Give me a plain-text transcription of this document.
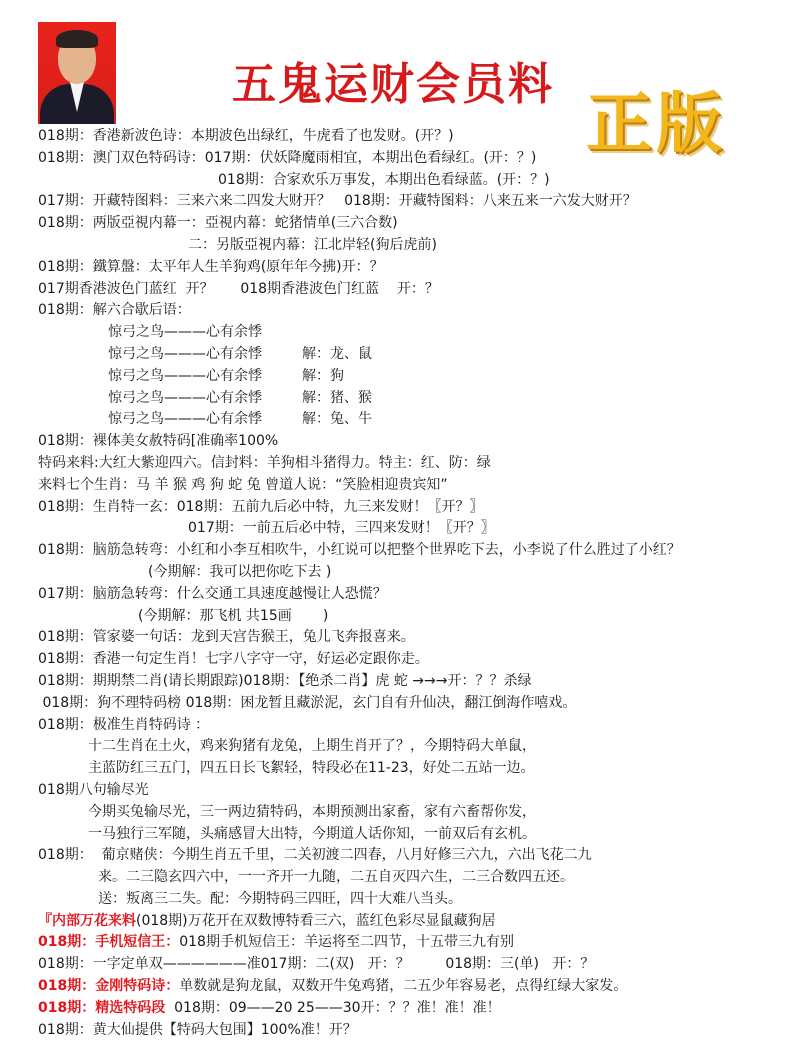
五鬼运财会员料 正版
018期：香港新波色诗：本期波色出绿红，牛虎看了也发财。(开？)
018期：澳门双色特码诗：017期：伏妖降魔雨相宜，本期出色看绿红。(开：？)
018期：合家欢乐万事发，本期出色看绿蓝。(开：？)
017期：开藏特图料：三来六来二四发大财开？   018期：开藏特图料：八来五来一六发大财开？
018期：两版亞視内幕一：亞視内幕：蛇猪情单(三六合数)
二：另版亞視内幕：江北岸轻(狗后虎前)
018期：鐵算盤：太平年人生羊狗鸡(原年年今拂)开：？
017期香港波色门蓝红  开？      018期香港波色门红蓝    开：？
018期：解六合歇后语：
惊弓之鸟———心有余悸
惊弓之鸟———心有余悸         解：龙、鼠
惊弓之鸟———心有余悸         解：狗
惊弓之鸟———心有余悸         解：猪、猴
惊弓之鸟———心有余悸         解：兔、牛
018期：裸体美女赦特码[准确率100%
特码来料:大红大紫迎四六。信封料：羊狗相斗猪得力。特主：红、防：绿
来料七个生肖：马 羊 猴 鸡 狗 蛇 兔 曾道人说：“笑脸相迎贵宾知”
018期：生肖特一玄：018期：五前九后必中特，九三来发财！〖开？〗
017期：一前五后必中特，三四来发财！〖开？〗
018期：脑筋急转弯：小红和小李互相吹牛，小红说可以把整个世界吃下去，小李说了什么胜过了小红？
(今期解：我可以把你吃下去 )
017期：脑筋急转弯：什么交通工具速度越慢让人恐慌？
(今期解：那飞机 共15画       )
018期：管家婆一句话：龙到天宫告猴王，兔儿飞奔报喜来。
018期：香港一句定生肖！七字八字守一守，好运必定跟你走。
018期：期期禁二肖(请长期跟踪)018期：【绝杀二肖】虎 蛇 →→→开：？？杀绿
018期：狗不理特码榜 018期：困龙暂且藏淤泥，玄门自有升仙决，翻江倒海作嘻戏。
018期：极准生肖特码诗 ：
十二生肖在土火，鸡来狗猪有龙兔，上期生肖开了？，今期特码大单鼠，
主蓝防红三五门，四五日长飞絮轻，特段必在11-23，好处二五站一边。
018期八句输尽光
今期买兔输尽光，三一两边猜特码，本期预测出家畜，家有六畜帮你发，
一马独行三军随，头痛感冒大出特，今期道人话你知，一前双后有玄机。
018期：  葡京赌侠：今期生肖五千里，二关初渡二四春，八月好修三六九，六出飞花二九
来。二三隐玄四六中，一一齐开一九随，二五自灭四六生，二三合数四五还。
送：叛离三二失。配：今期特码三四旺，四十大难八当头。
『内部万花来料(018期)万花开在双数博特看三六，蓝红色彩尽显鼠藏狗居
018期：手机短信王：018期手机短信王：羊运将至二四节，十五带三九有别
018期：一字定单双——————准017期：二(双)   开：？        018期：三(单)   开：？
018期：金刚特码诗：单数就是狗龙鼠，双数开牛兔鸡猪，二五少年容易老，点得红绿大家发。
018期：精选特码段  018期：09——20 25——30开：？？准！准！准！
018期：黄大仙提供【特码大包围】100%准！开？
